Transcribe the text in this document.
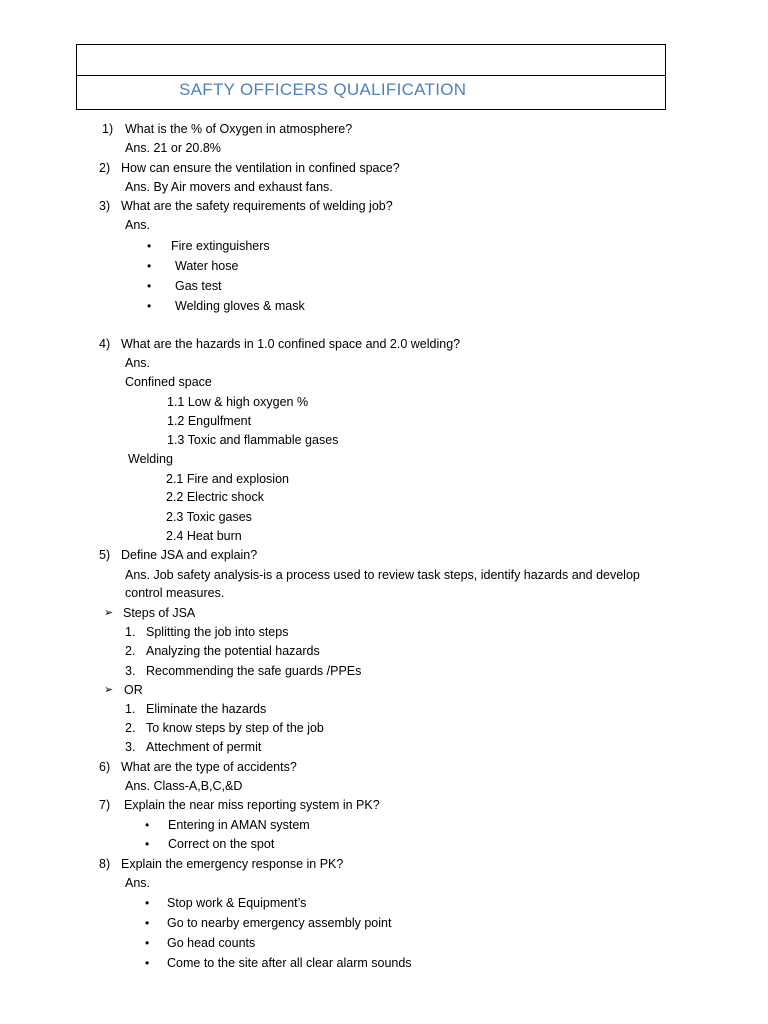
SAFTY OFFICERS QUALIFICATION
1) What is the % of Oxygen in atmosphere?
Ans. 21 or 20.8%
2) How can ensure the ventilation in confined space?
Ans. By Air movers and exhaust fans.
3) What are the safety requirements of welding job?
Ans.
• Fire extinguishers
• Water hose
• Gas test
• Welding gloves & mask
4) What are the hazards in 1.0 confined space and 2.0 welding?
Ans.
Confined space
1.1 Low & high oxygen %
1.2 Engulfment
1.3 Toxic and flammable gases
Welding
2.1 Fire and explosion
2.2 Electric shock
2.3 Toxic gases
2.4 Heat burn
5) Define JSA and explain?
Ans. Job safety analysis-is a process used to review task steps, identify hazards and develop
control measures.
➢ Steps of JSA
1. Splitting the job into steps
2. Analyzing the potential hazards
3. Recommending the safe guards /PPEs
➢ OR
1. Eliminate the hazards
2. To know steps by step of the job
3. Attechment of permit
6) What are the type of accidents?
Ans. Class-A,B,C,&D
7) Explain the near miss reporting system in PK?
• Entering in AMAN system
• Correct on the spot
8) Explain the emergency response in PK?
Ans.
• Stop work & Equipment’s
• Go to nearby emergency assembly point
• Go head counts
• Come to the site after all clear alarm sounds
